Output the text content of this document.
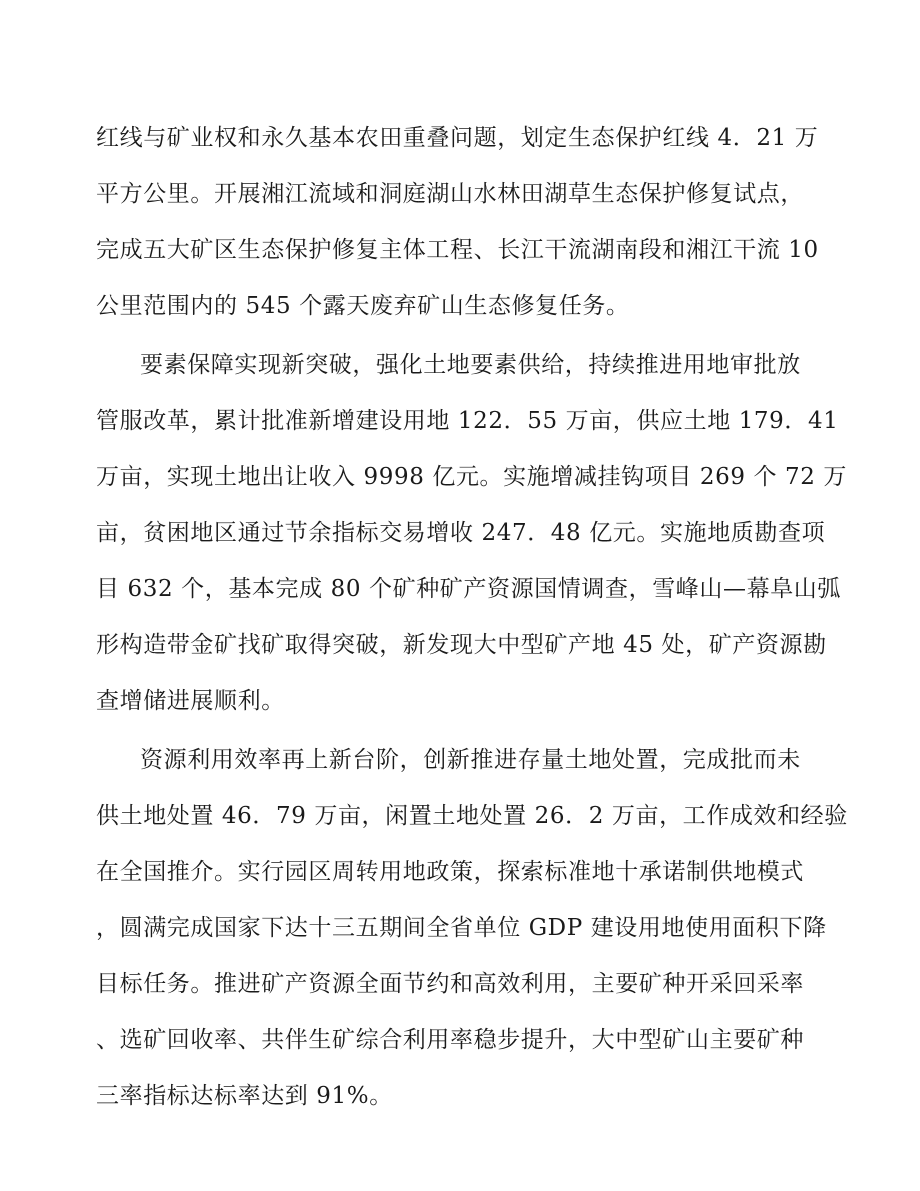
红线与矿业权和永久基本农田重叠问题，划定生态保护红线 4．21 万
平方公里。开展湘江流域和洞庭湖山水林田湖草生态保护修复试点，
完成五大矿区生态保护修复主体工程、长江干流湖南段和湘江干流 10
公里范围内的 545 个露天废弃矿山生态修复任务。
要素保障实现新突破，强化土地要素供给，持续推进用地审批放
管服改革，累计批准新增建设用地 122．55 万亩，供应土地 179．41
万亩，实现土地出让收入 9998 亿元。实施增减挂钩项目 269 个 72 万
亩，贫困地区通过节余指标交易增收 247．48 亿元。实施地质勘查项
目 632 个，基本完成 80 个矿种矿产资源国情调查，雪峰山—幕阜山弧
形构造带金矿找矿取得突破，新发现大中型矿产地 45 处，矿产资源勘
查增储进展顺利。
资源利用效率再上新台阶，创新推进存量土地处置，完成批而未
供土地处置 46．79 万亩，闲置土地处置 26．2 万亩，工作成效和经验
在全国推介。实行园区周转用地政策，探索标准地十承诺制供地模式
，圆满完成国家下达十三五期间全省单位 GDP 建设用地使用面积下降
目标任务。推进矿产资源全面节约和高效利用，主要矿种开采回采率
、选矿回收率、共伴生矿综合利用率稳步提升，大中型矿山主要矿种
三率指标达标率达到 91%。
